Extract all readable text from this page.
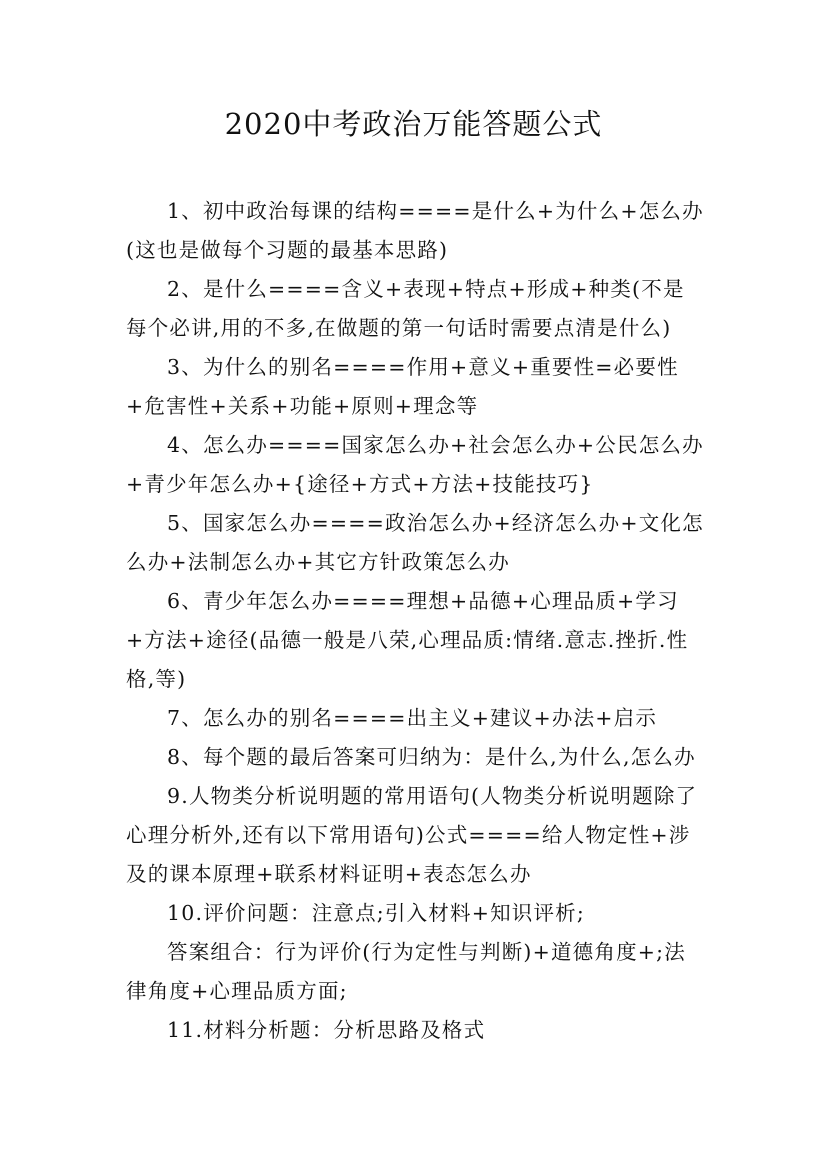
2020中考政治万能答题公式

1、初中政治每课的结构====是什么+为什么+怎么办(这也是做每个习题的最基本思路)

2、是什么====含义+表现+特点+形成+种类(不是每个必讲,用的不多,在做题的第一句话时需要点清是什么)

3、为什么的别名====作用+意义+重要性=必要性+危害性+关系+功能+原则+理念等

4、怎么办====国家怎么办+社会怎么办+公民怎么办+青少年怎么办+{途径+方式+方法+技能技巧}

5、国家怎么办====政治怎么办+经济怎么办+文化怎么办+法制怎么办+其它方针政策怎么办

6、青少年怎么办====理想+品德+心理品质+学习+方法+途径(品德一般是八荣,心理品质:情绪.意志.挫折.性格,等)

7、怎么办的别名====出主义+建议+办法+启示

8、每个题的最后答案可归纳为：是什么,为什么,怎么办

9.人物类分析说明题的常用语句(人物类分析说明题除了心理分析外,还有以下常用语句)公式====给人物定性+涉及的课本原理+联系材料证明+表态怎么办

10.评价问题：注意点;引入材料+知识评析;

答案组合：行为评价(行为定性与判断)+道德角度+;法律角度+心理品质方面;

11.材料分析题：分析思路及格式
